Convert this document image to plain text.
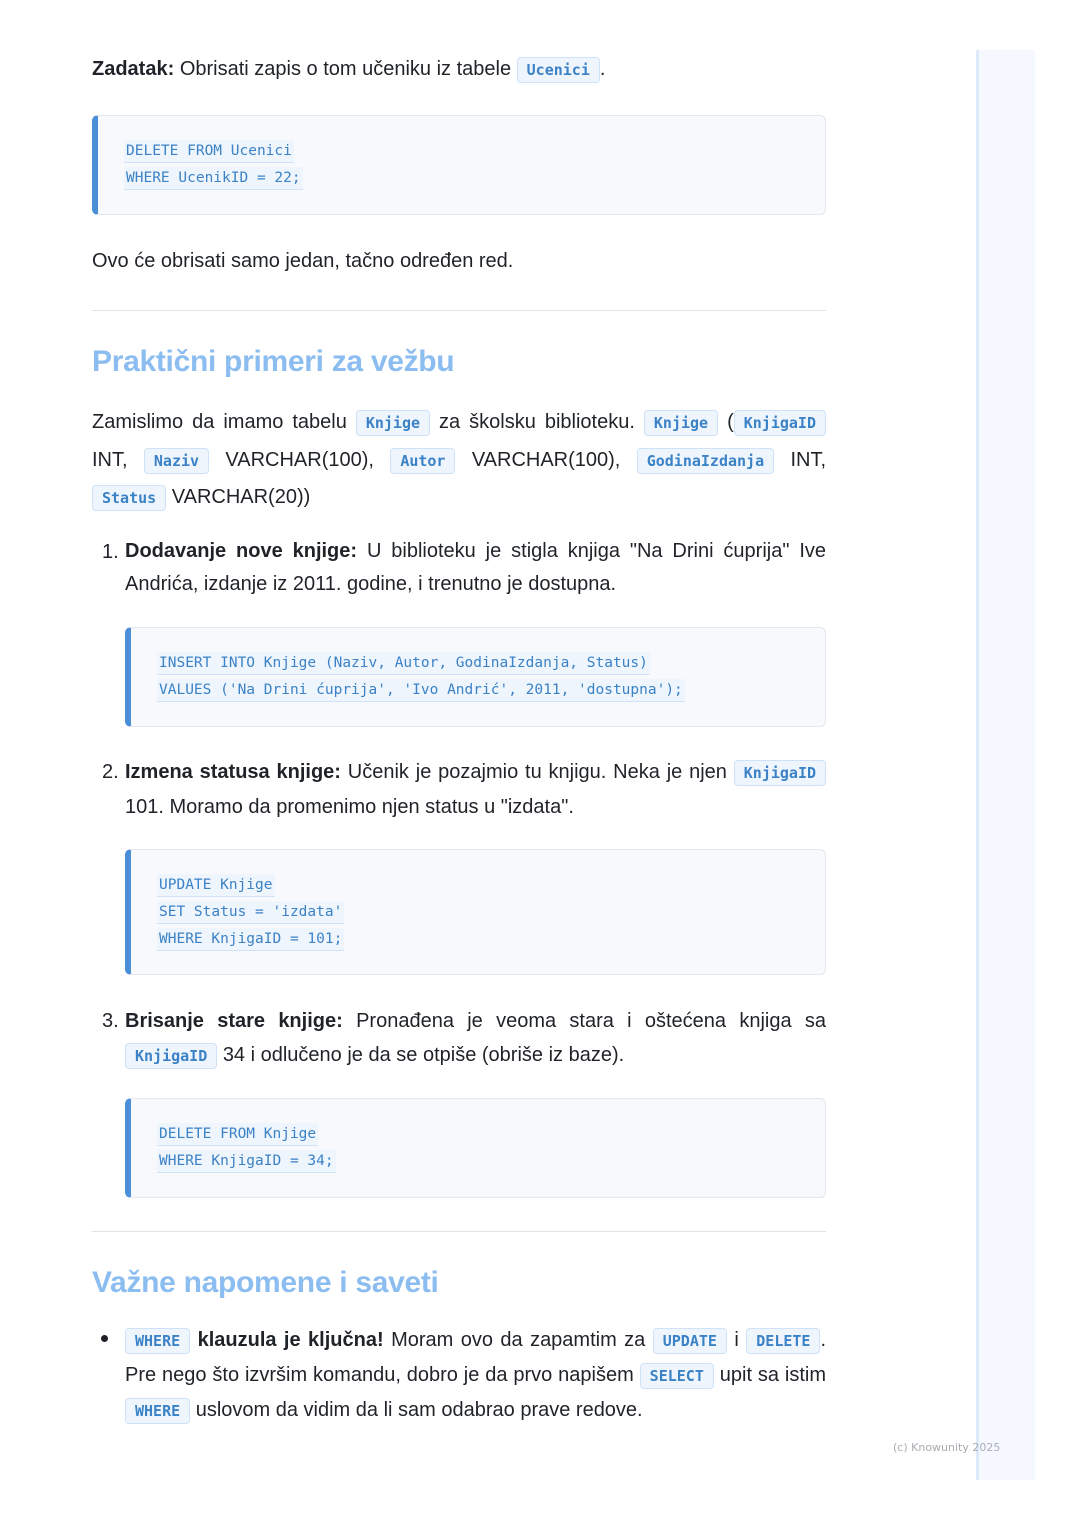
Zadatak: Obrisati zapis o tom učeniku iz tabele Ucenici .
DELETE FROM Ucenici
WHERE UcenikID = 22;
Ovo će obrisati samo jedan, tačno određen red.
Praktični primeri za vežbu
Zamislimo da imamo tabelu Knjige za školsku biblioteku. Knjige ( KnjigaID INT, Naziv VARCHAR(100), Autor VARCHAR(100), GodinaIzdanja INT, Status VARCHAR(20))
1. Dodavanje nove knjige: U biblioteku je stigla knjiga "Na Drini ćuprija" Ive Andrića, izdanje iz 2011. godine, i trenutno je dostupna.
INSERT INTO Knjige (Naziv, Autor, GodinaIzdanja, Status)
VALUES ('Na Drini ćuprija', 'Ivo Andrić', 2011, 'dostupna');
2. Izmena statusa knjige: Učenik je pozajmio tu knjigu. Neka je njen KnjigaID 101. Moramo da promenimo njen status u "izdata".
UPDATE Knjige
SET Status = 'izdata'
WHERE KnjigaID = 101;
3. Brisanje stare knjige: Pronađena je veoma stara i oštećena knjiga sa KnjigaID 34 i odlučeno je da se otpiše (obriše iz baze).
DELETE FROM Knjige
WHERE KnjigaID = 34;
Važne napomene i saveti
WHERE klauzula je ključna! Moram ovo da zapamtim za UPDATE i DELETE . Pre nego što izvršim komandu, dobro je da prvo napišem SELECT upit sa istim WHERE uslovom da vidim da li sam odabrao prave redove.
(c) Knowunity 2025
